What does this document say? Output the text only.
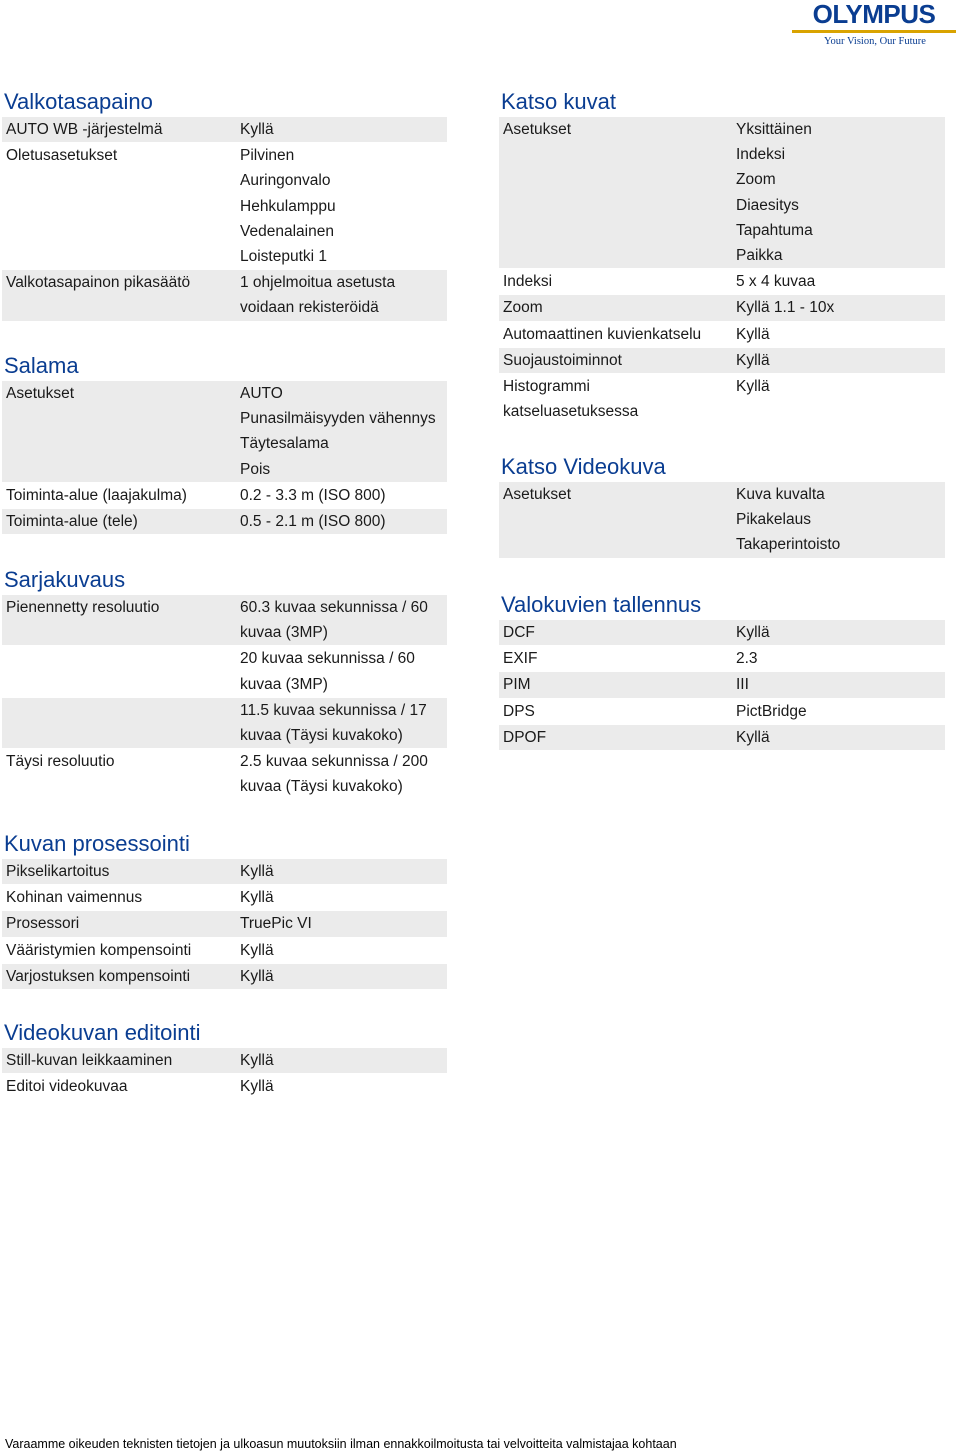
OLYMPUS
Your Vision, Our Future
Valkotasapaino
AUTO WB -järjestelmä	Kyllä
Oletusasetukset	Pilvinen
Auringonvalo
Hehkulamppu
Vedenalainen
Loisteputki 1
Valkotasapainon pikasäätö	1 ohjelmoitua asetusta
voidaan rekisteröidä
Salama
Asetukset	AUTO
Punasilmäisyyden vähennys
Täytesalama
Pois
Toiminta-alue (laajakulma)	0.2 - 3.3 m (ISO 800)
Toiminta-alue (tele)	0.5 - 2.1 m (ISO 800)
Sarjakuvaus
Pienennetty resoluutio	60.3 kuvaa sekunnissa / 60
kuvaa (3MP)
20 kuvaa sekunnissa / 60
kuvaa (3MP)
11.5 kuvaa sekunnissa / 17
kuvaa (Täysi kuvakoko)
Täysi resoluutio	2.5 kuvaa sekunnissa / 200
kuvaa (Täysi kuvakoko)
Kuvan prosessointi
Pikselikartoitus	Kyllä
Kohinan vaimennus	Kyllä
Prosessori	TruePic VI
Vääristymien kompensointi	Kyllä
Varjostuksen kompensointi	Kyllä
Videokuvan editointi
Still-kuvan leikkaaminen	Kyllä
Editoi videokuvaa	Kyllä
Katso kuvat
Asetukset	Yksittäinen
Indeksi
Zoom
Diaesitys
Tapahtuma
Paikka
Indeksi	5 x 4 kuvaa
Zoom	Kyllä 1.1 - 10x
Automaattinen kuvienkatselu Kyllä
Suojaustoiminnot	Kyllä
Histogrammi	Kyllä
katseluasetuksessa
Katso Videokuva
Asetukset	Kuva kuvalta
Pikakelaus
Takaperintoisto
Valokuvien tallennus
DCF	Kyllä
EXIF	2.3
PIM	III
DPS	PictBridge
DPOF	Kyllä
Varaamme oikeuden teknisten tietojen ja ulkoasun muutoksiin ilman ennakkoilmoitusta tai velvoitteita valmistajaa kohtaan
